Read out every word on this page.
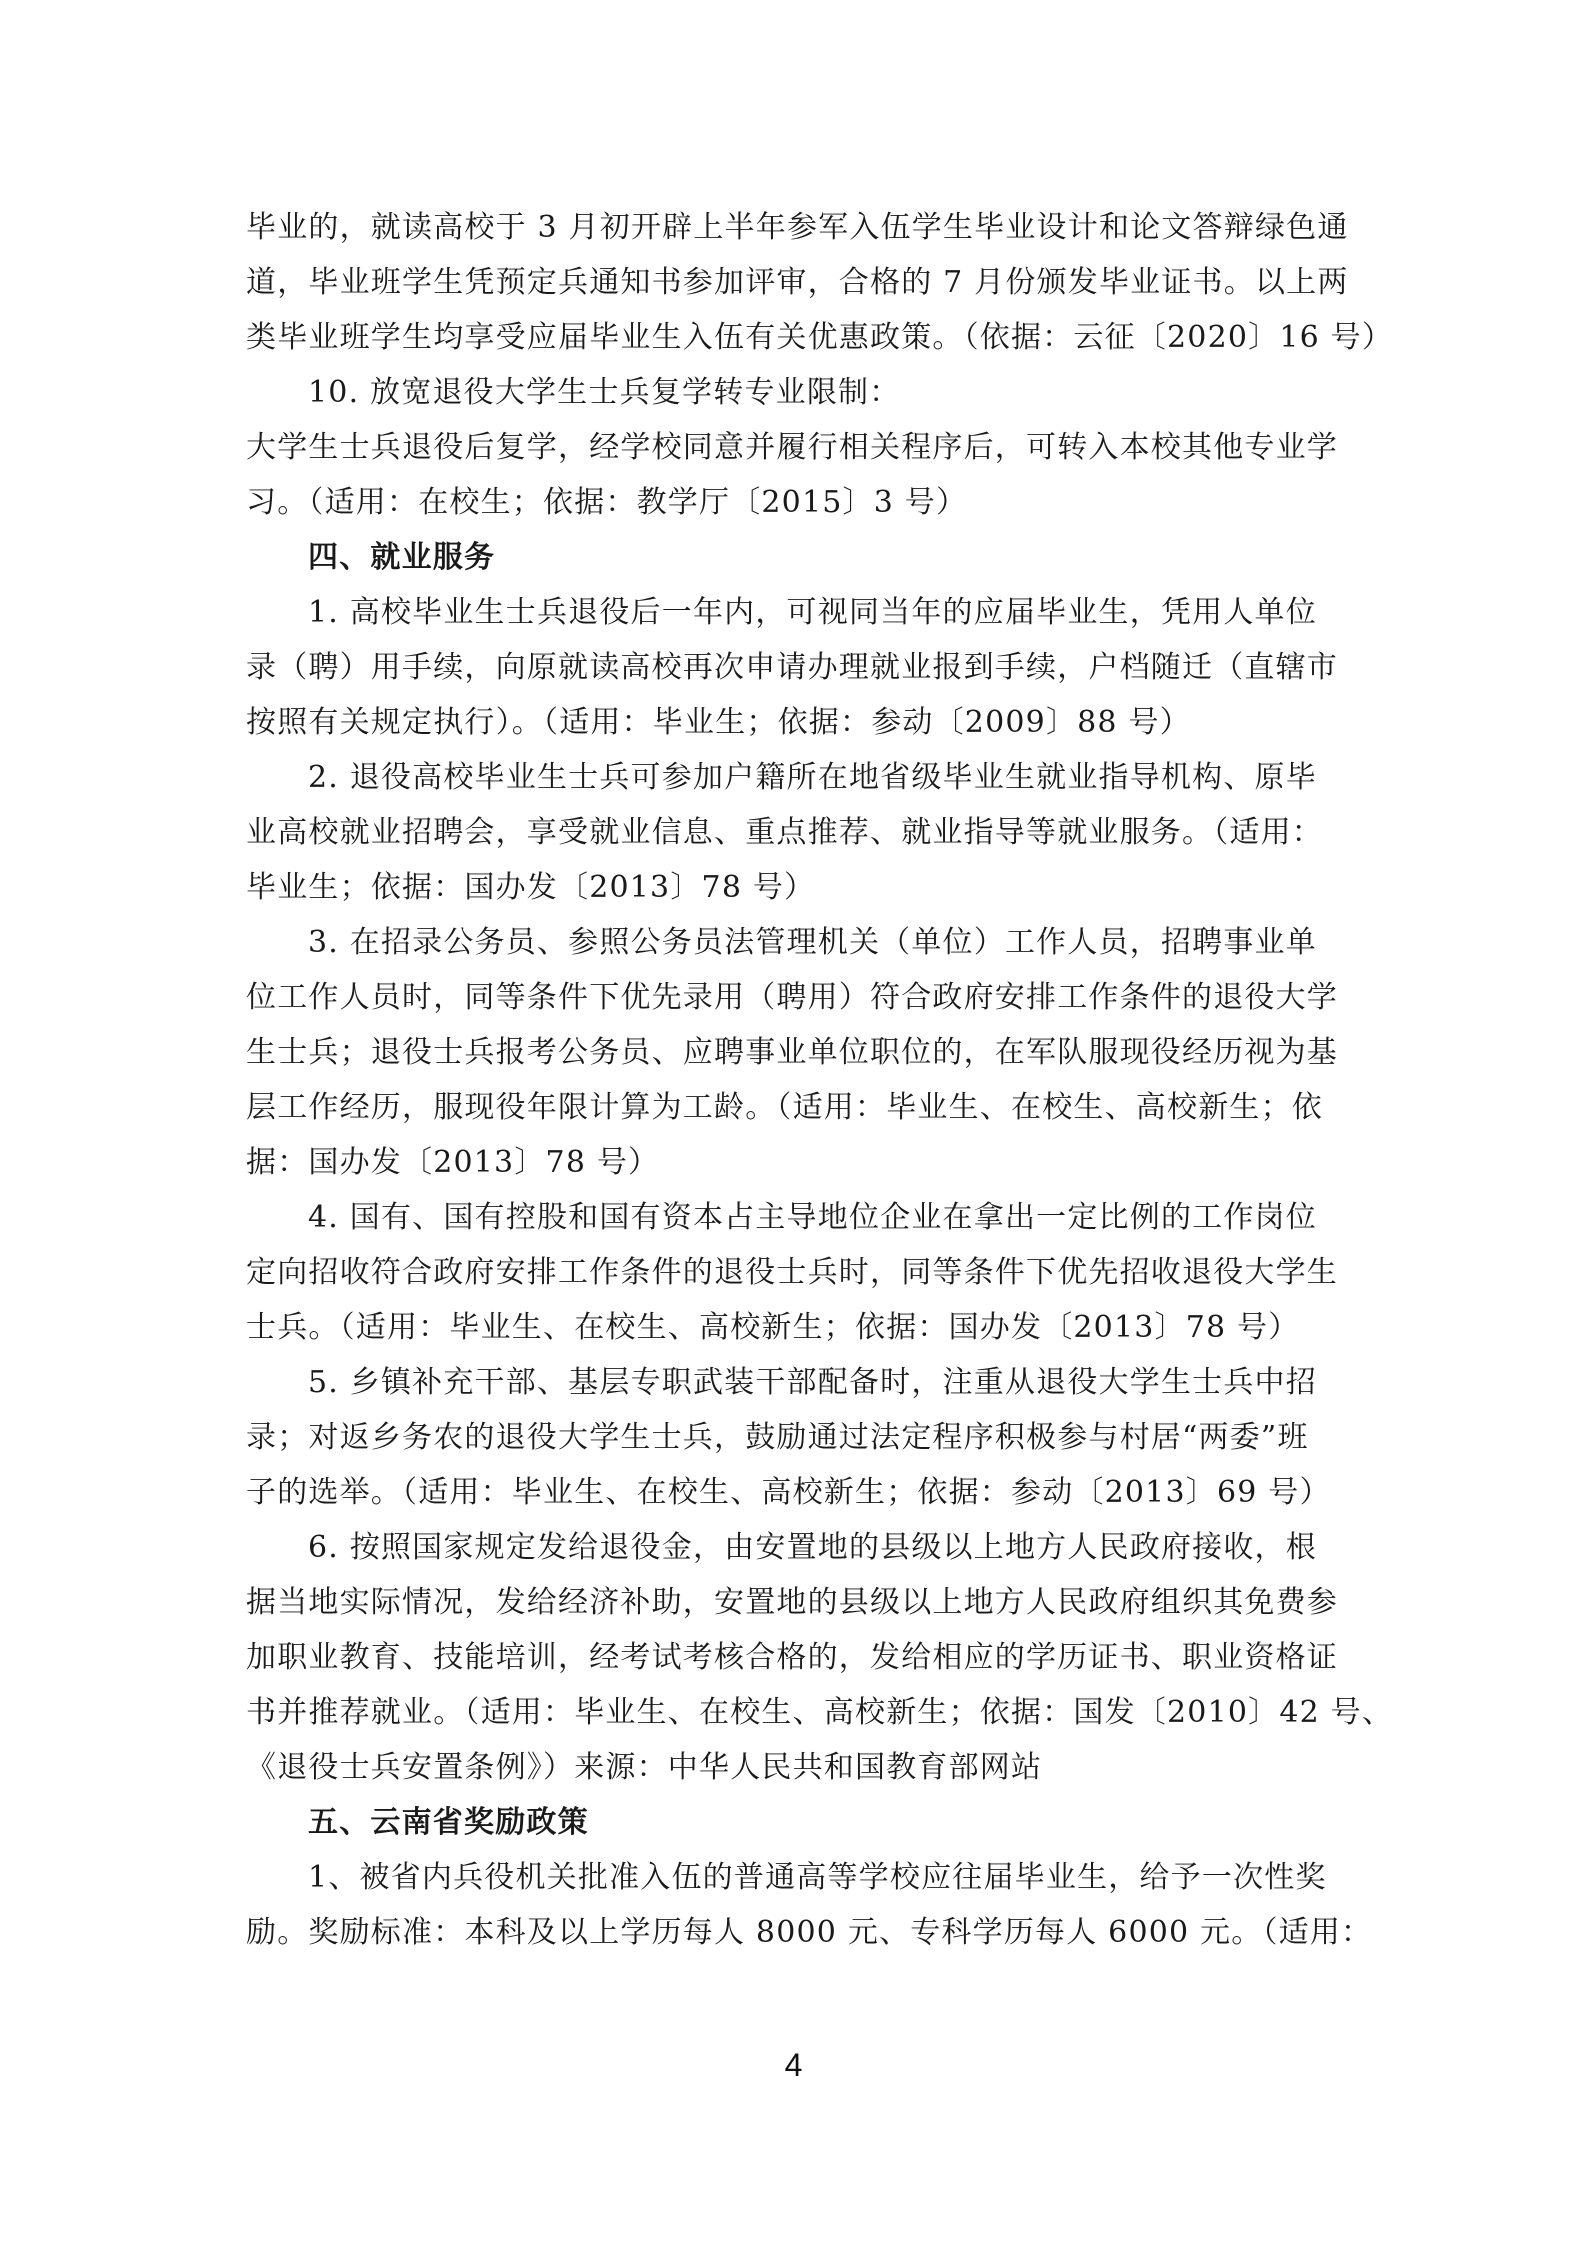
毕业的，就读高校于 3 月初开辟上半年参军入伍学生毕业设计和论文答辩绿色通
道，毕业班学生凭预定兵通知书参加评审，合格的 7 月份颁发毕业证书。以上两
类毕业班学生均享受应届毕业生入伍有关优惠政策。（依据：云征〔2020〕16 号）
10. 放宽退役大学生士兵复学转专业限制：
大学生士兵退役后复学，经学校同意并履行相关程序后，可转入本校其他专业学
习。（适用：在校生；依据：教学厅〔2015〕3 号）
四、就业服务
1. 高校毕业生士兵退役后一年内，可视同当年的应届毕业生，凭用人单位
录（聘）用手续，向原就读高校再次申请办理就业报到手续，户档随迁（直辖市
按照有关规定执行）。（适用：毕业生；依据：参动〔2009〕88 号）
2. 退役高校毕业生士兵可参加户籍所在地省级毕业生就业指导机构、原毕
业高校就业招聘会，享受就业信息、重点推荐、就业指导等就业服务。（适用：
毕业生；依据：国办发〔2013〕78 号）
3. 在招录公务员、参照公务员法管理机关（单位）工作人员，招聘事业单
位工作人员时，同等条件下优先录用（聘用）符合政府安排工作条件的退役大学
生士兵；退役士兵报考公务员、应聘事业单位职位的，在军队服现役经历视为基
层工作经历，服现役年限计算为工龄。（适用：毕业生、在校生、高校新生；依
据：国办发〔2013〕78 号）
4. 国有、国有控股和国有资本占主导地位企业在拿出一定比例的工作岗位
定向招收符合政府安排工作条件的退役士兵时，同等条件下优先招收退役大学生
士兵。（适用：毕业生、在校生、高校新生；依据：国办发〔2013〕78 号）
5. 乡镇补充干部、基层专职武装干部配备时，注重从退役大学生士兵中招
录；对返乡务农的退役大学生士兵，鼓励通过法定程序积极参与村居“两委”班
子的选举。（适用：毕业生、在校生、高校新生；依据：参动〔2013〕69 号）
6. 按照国家规定发给退役金，由安置地的县级以上地方人民政府接收，根
据当地实际情况，发给经济补助，安置地的县级以上地方人民政府组织其免费参
加职业教育、技能培训，经考试考核合格的，发给相应的学历证书、职业资格证
书并推荐就业。（适用：毕业生、在校生、高校新生；依据：国发〔2010〕42 号、
《退役士兵安置条例》）来源：中华人民共和国教育部网站
五、云南省奖励政策
1、被省内兵役机关批准入伍的普通高等学校应往届毕业生，给予一次性奖
励。奖励标准：本科及以上学历每人 8000 元、专科学历每人 6000 元。（适用：
4
